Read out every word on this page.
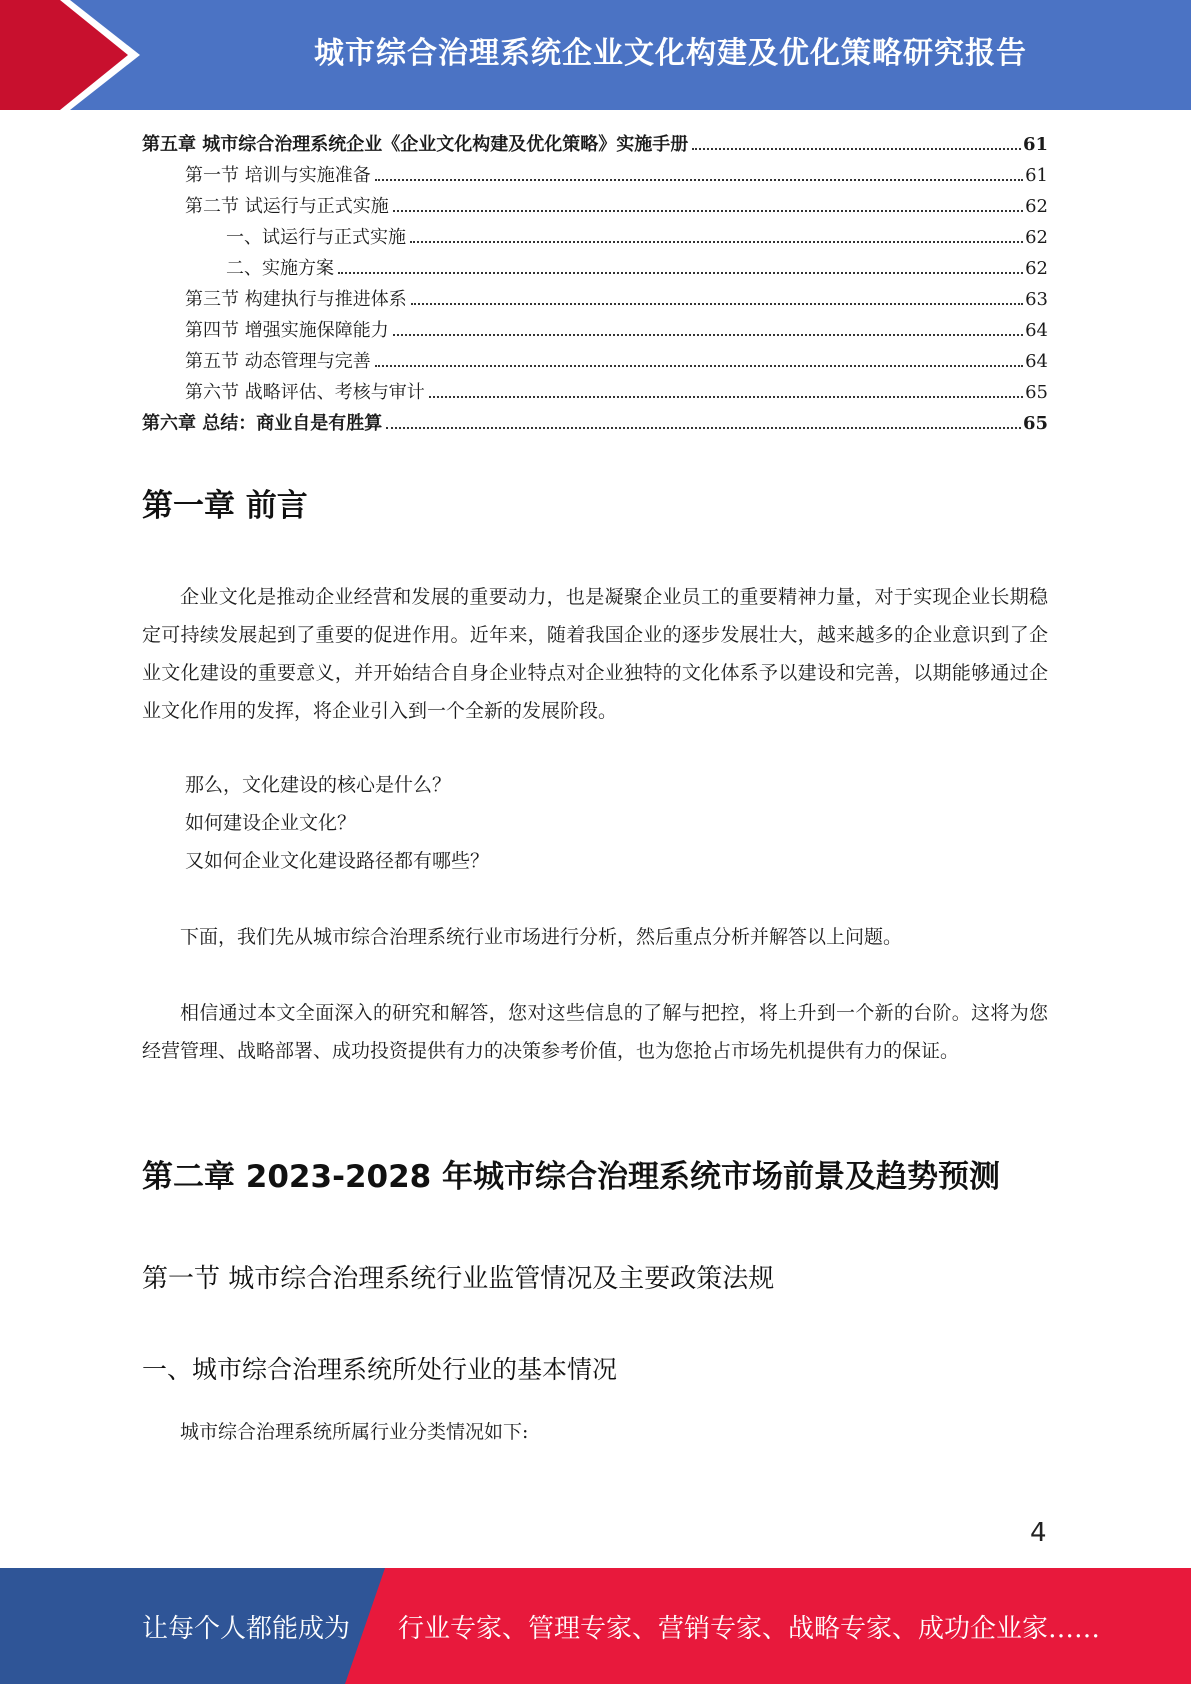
城市综合治理系统企业文化构建及优化策略研究报告
第五章 城市综合治理系统企业《企业文化构建及优化策略》实施手册	61
第一节 培训与实施准备	61
第二节 试运行与正式实施	62
一、试运行与正式实施	62
二、实施方案	62
第三节 构建执行与推进体系	63
第四节 增强实施保障能力	64
第五节 动态管理与完善	64
第六节 战略评估、考核与审计	65
第六章 总结：商业自是有胜算	65
第一章 前言

企业文化是推动企业经营和发展的重要动力，也是凝聚企业员工的重要精神力量，对于实现企业长期稳定可持续发展起到了重要的促进作用。近年来，随着我国企业的逐步发展壮大，越来越多的企业意识到了企业文化建设的重要意义，并开始结合自身企业特点对企业独特的文化体系予以建设和完善，以期能够通过企业文化作用的发挥，将企业引入到一个全新的发展阶段。

那么，文化建设的核心是什么？

如何建设企业文化？

又如何企业文化建设路径都有哪些？

下面，我们先从城市综合治理系统行业市场进行分析，然后重点分析并解答以上问题。

相信通过本文全面深入的研究和解答，您对这些信息的了解与把控，将上升到一个新的台阶。这将为您经营管理、战略部署、成功投资提供有力的决策参考价值，也为您抢占市场先机提供有力的保证。

第二章 2023-2028 年城市综合治理系统市场前景及趋势预测
第一节 城市综合治理系统行业监管情况及主要政策法规
一、城市综合治理系统所处行业的基本情况

城市综合治理系统所属行业分类情况如下:

4
让每个人都能成为 行业专家、管理专家、营销专家、战略专家、成功企业家……
